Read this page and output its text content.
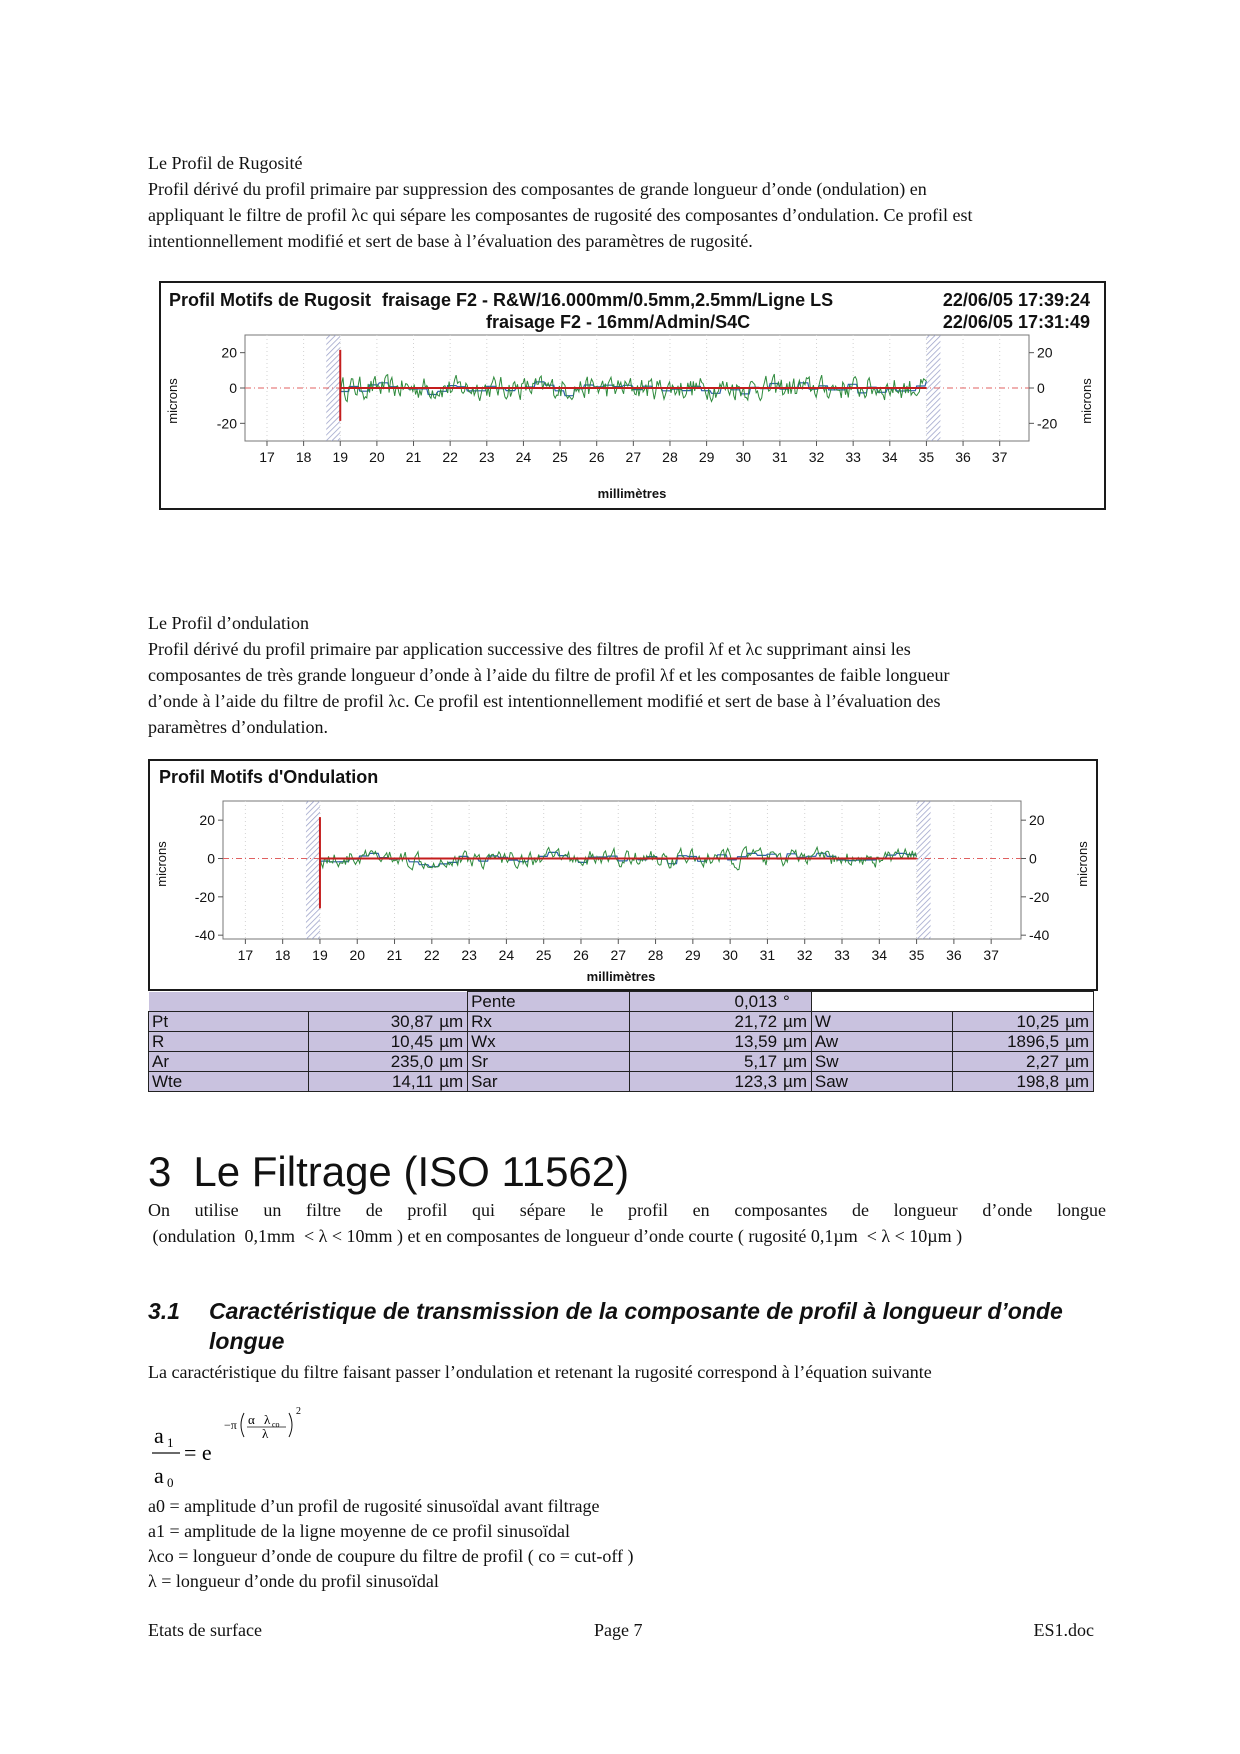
Le Profil de Rugosité

Profil dérivé du profil primaire par suppression des composantes de grande longueur d’onde (ondulation) en

appliquant le filtre de profil λc qui sépare les composantes de rugosité des composantes d’ondulation. Ce profil est

intentionnellement modifié et sert de base à l’évaluation des paramètres de rugosité.

Profil Motifs de Rugosit fraisage F2 - R&W/16.000mm/0.5mm,2.5mm/Ligne LS
fraisage F2 - 16mm/Admin/S4C
22/06/05 17:39:24
22/06/05 17:31:49
microns	microns
millimètres
17 18 19 20 21 22 23 24 25 26 27 28 29 30 31 32 33 34 35 36 37
20	20
0	0
-20	-20

Le Profil d’ondulation

Profil dérivé du profil primaire par application successive des filtres de profil λf et λc supprimant ainsi les

composantes de très grande longueur d’onde à l’aide du filtre de profil λf et les composantes de faible longueur

d’onde à l’aide du filtre de profil λc. Ce profil est intentionnellement modifié et sert de base à l’évaluation des

paramètres d’ondulation.

Profil Motifs d'Ondulation
microns	microns
millimètres
17 18 19 20 21 22 23 24 25 26 27 28 29 30 31 32 33 34 35 36 37
20	20
0	0
-20	-20
-40	-40
			Pente	0,013	°			
Pt	30,87	µm	Rx	21,72	µm	W	10,25	µm
R	10,45	µm	Wx	13,59	µm	Aw	1896,5	µm
Ar	235,0	µm	Sr	5,17	µm	Sw	2,27	µm
Wte	14,11	µm	Sar	123,3	µm	Saw	198,8	µm
3 Le Filtrage (ISO 11562)

On utilise un filtre de profil qui sépare le profil en composantes de longueur d’onde longue

(ondulation  0,1mm  < λ < 10mm ) et en composantes de longueur d’onde courte ( rugosité 0,1µm  < λ < 10µm )

3.1	Caractéristique de transmission de la composante de profil à longueur d’onde longue

La caractéristique du filtre faisant passer l’ondulation et retenant la rugosité correspond à l’équation suivante

a 1
a 0
= e
−π α λ co
λ
2

a0 = amplitude d’un profil de rugosité sinusoïdal avant filtrage

a1 = amplitude de la ligne moyenne de ce profil sinusoïdal

λco = longueur d’onde de coupure du filtre de profil ( co = cut-off )

λ = longueur d’onde du profil sinusoïdal

Etats de surface	Page 7	ES1.doc
